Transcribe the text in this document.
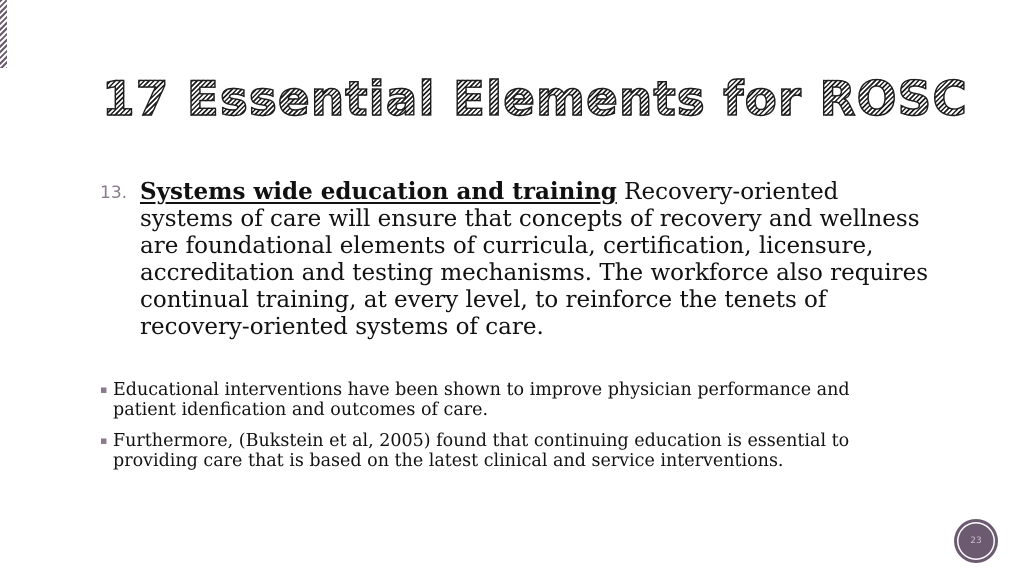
17 Essential Elements for ROSC
13. Systems wide education and training Recovery-oriented systems of care will ensure that concepts of recovery and wellness are foundational elements of curricula, certification, licensure, accreditation and testing mechanisms. The workforce also requires continual training, at every level, to reinforce the tenets of recovery-oriented systems of care.
▪ Educational interventions have been shown to improve physician performance and patient idenfication and outcomes of care.
▪ Furthermore, (Bukstein et al, 2005) found that continuing education is essential to providing care that is based on the latest clinical and service interventions.
23
